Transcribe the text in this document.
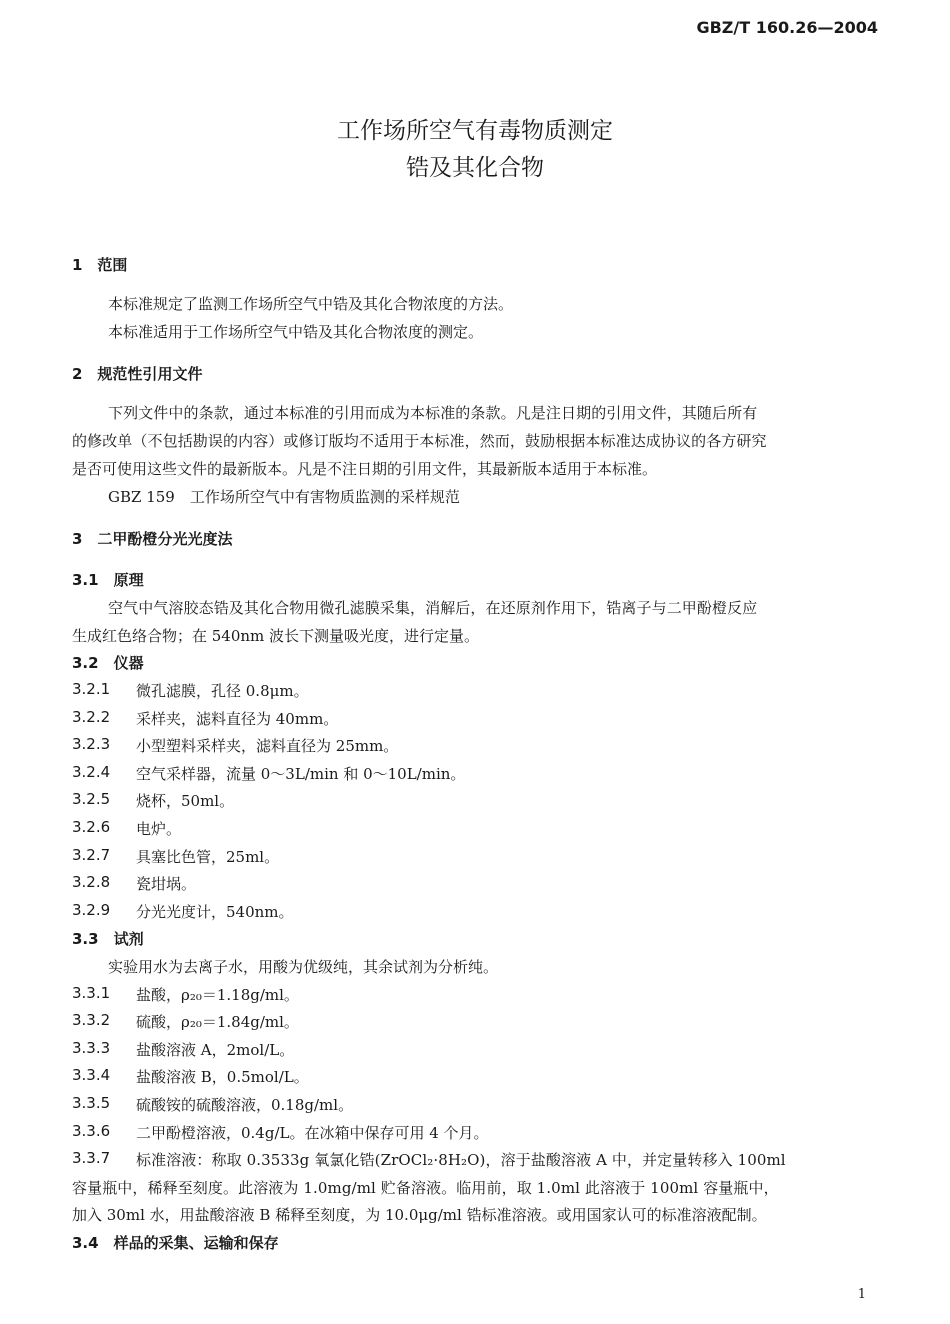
GBZ/T 160.26—2004
工作场所空气有毒物质测定
锆及其化合物
1　范围
本标准规定了监测工作场所空气中锆及其化合物浓度的方法。
本标准适用于工作场所空气中锆及其化合物浓度的测定。
2　规范性引用文件
下列文件中的条款，通过本标准的引用而成为本标准的条款。凡是注日期的引用文件，其随后所有
的修改单（不包括勘误的内容）或修订版均不适用于本标准，然而，鼓励根据本标准达成协议的各方研究
是否可使用这些文件的最新版本。凡是不注日期的引用文件，其最新版本适用于本标准。
GBZ 159　工作场所空气中有害物质监测的采样规范
3　二甲酚橙分光光度法
3.1　原理
空气中气溶胶态锆及其化合物用微孔滤膜采集，消解后，在还原剂作用下，锆离子与二甲酚橙反应
生成红色络合物；在 540nm 波长下测量吸光度，进行定量。
3.2　仪器
3.2.1 微孔滤膜，孔径 0.8μm。
3.2.2 采样夹，滤料直径为 40mm。
3.2.3 小型塑料采样夹，滤料直径为 25mm。
3.2.4 空气采样器，流量 0～3L/min 和 0～10L/min。
3.2.5 烧杯，50ml。
3.2.6 电炉。
3.2.7 具塞比色管，25ml。
3.2.8 瓷坩埚。
3.2.9 分光光度计，540nm。
3.3　试剂
实验用水为去离子水，用酸为优级纯，其余试剂为分析纯。
3.3.1 盐酸，ρ₂₀＝1.18g/ml。
3.3.2 硫酸，ρ₂₀＝1.84g/ml。
3.3.3 盐酸溶液 A，2mol/L。
3.3.4 盐酸溶液 B，0.5mol/L。
3.3.5 硫酸铵的硫酸溶液，0.18g/ml。
3.3.6 二甲酚橙溶液，0.4g/L。在冰箱中保存可用 4 个月。
3.3.7 标准溶液：称取 0.3533g 氧氯化锆(ZrOCl₂·8H₂O)，溶于盐酸溶液 A 中，并定量转移入 100ml
容量瓶中，稀释至刻度。此溶液为 1.0mg/ml 贮备溶液。临用前，取 1.0ml 此溶液于 100ml 容量瓶中，
加入 30ml 水，用盐酸溶液 B 稀释至刻度，为 10.0μg/ml 锆标准溶液。或用国家认可的标准溶液配制。
3.4　样品的采集、运输和保存
1
